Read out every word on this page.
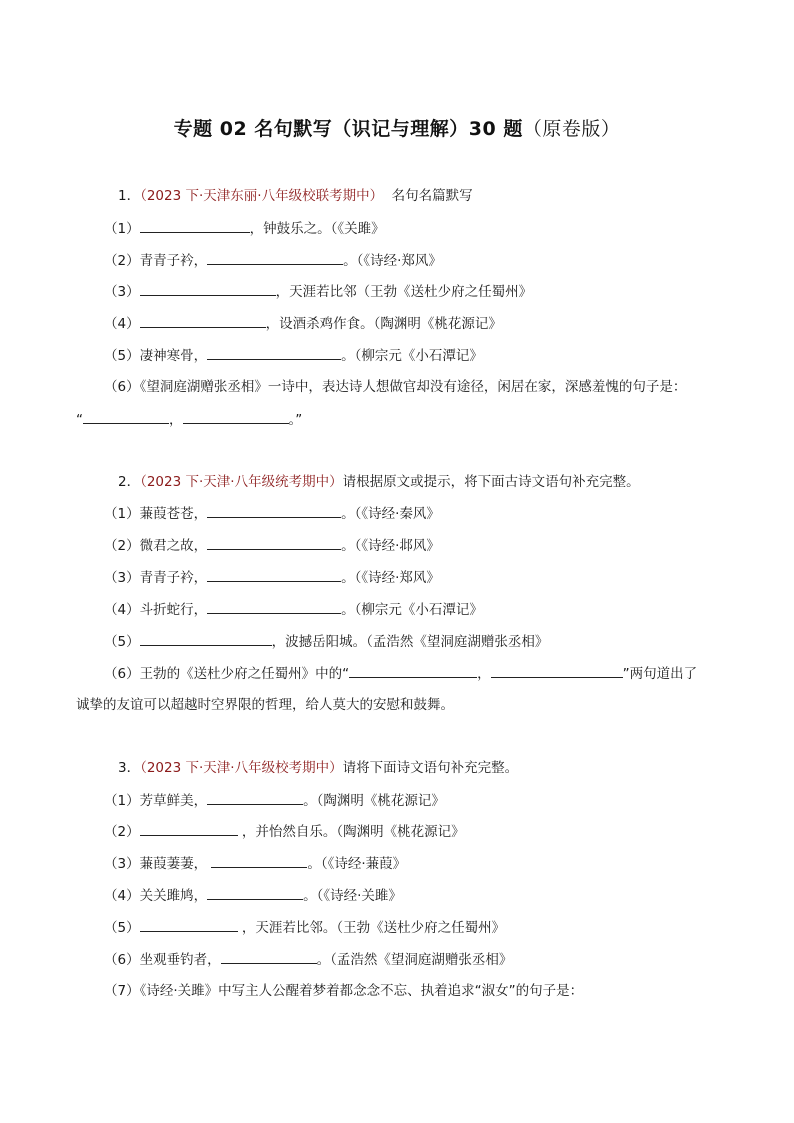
专题 02 名句默写（识记与理解）30 题（原卷版）
1．（2023 下·天津东丽·八年级校联考期中） 名句名篇默写
（1）	，钟鼓乐之。（《关雎》
（2）青青子衿，	。（《诗经·郑风》
（3）	，天涯若比邻（王勃《送杜少府之任蜀州》
（4）	，设酒杀鸡作食。（陶渊明《桃花源记》
（5）凄神寒骨，	。（柳宗元《小石潭记》
（6）《望洞庭湖赠张丞相》一诗中，表达诗人想做官却没有途径，闲居在家，深感羞愧的句子是：
“	，	。”
2．（2023 下·天津·八年级统考期中）请根据原文或提示，将下面古诗文语句补充完整。
（1）蒹葭苍苍，	。（《诗经·秦风》
（2）微君之故，	。（《诗经·邶风》
（3）青青子衿，	。（《诗经·郑风》
（4）斗折蛇行，	。（柳宗元《小石潭记》
（5）	，波撼岳阳城。（孟浩然《望洞庭湖赠张丞相》
（6）王勃的《送杜少府之任蜀州》中的“	，	”两句道出了
诚挚的友谊可以超越时空界限的哲理，给人莫大的安慰和鼓舞。
3．（2023 下·天津·八年级校考期中）请将下面诗文语句补充完整。
（1）芳草鲜美，	。（陶渊明《桃花源记》
（2）	，并怡然自乐。（陶渊明《桃花源记》
（3）蒹葭萋萋，	。（《诗经·蒹葭》
（4）关关雎鸠，	。（《诗经·关雎》
（5）	，天涯若比邻。（王勃《送杜少府之任蜀州》
（6）坐观垂钓者，	。（孟浩然《望洞庭湖赠张丞相》
（7）《诗经·关雎》中写主人公醒着梦着都念念不忘、执着追求“淑女”的句子是：
